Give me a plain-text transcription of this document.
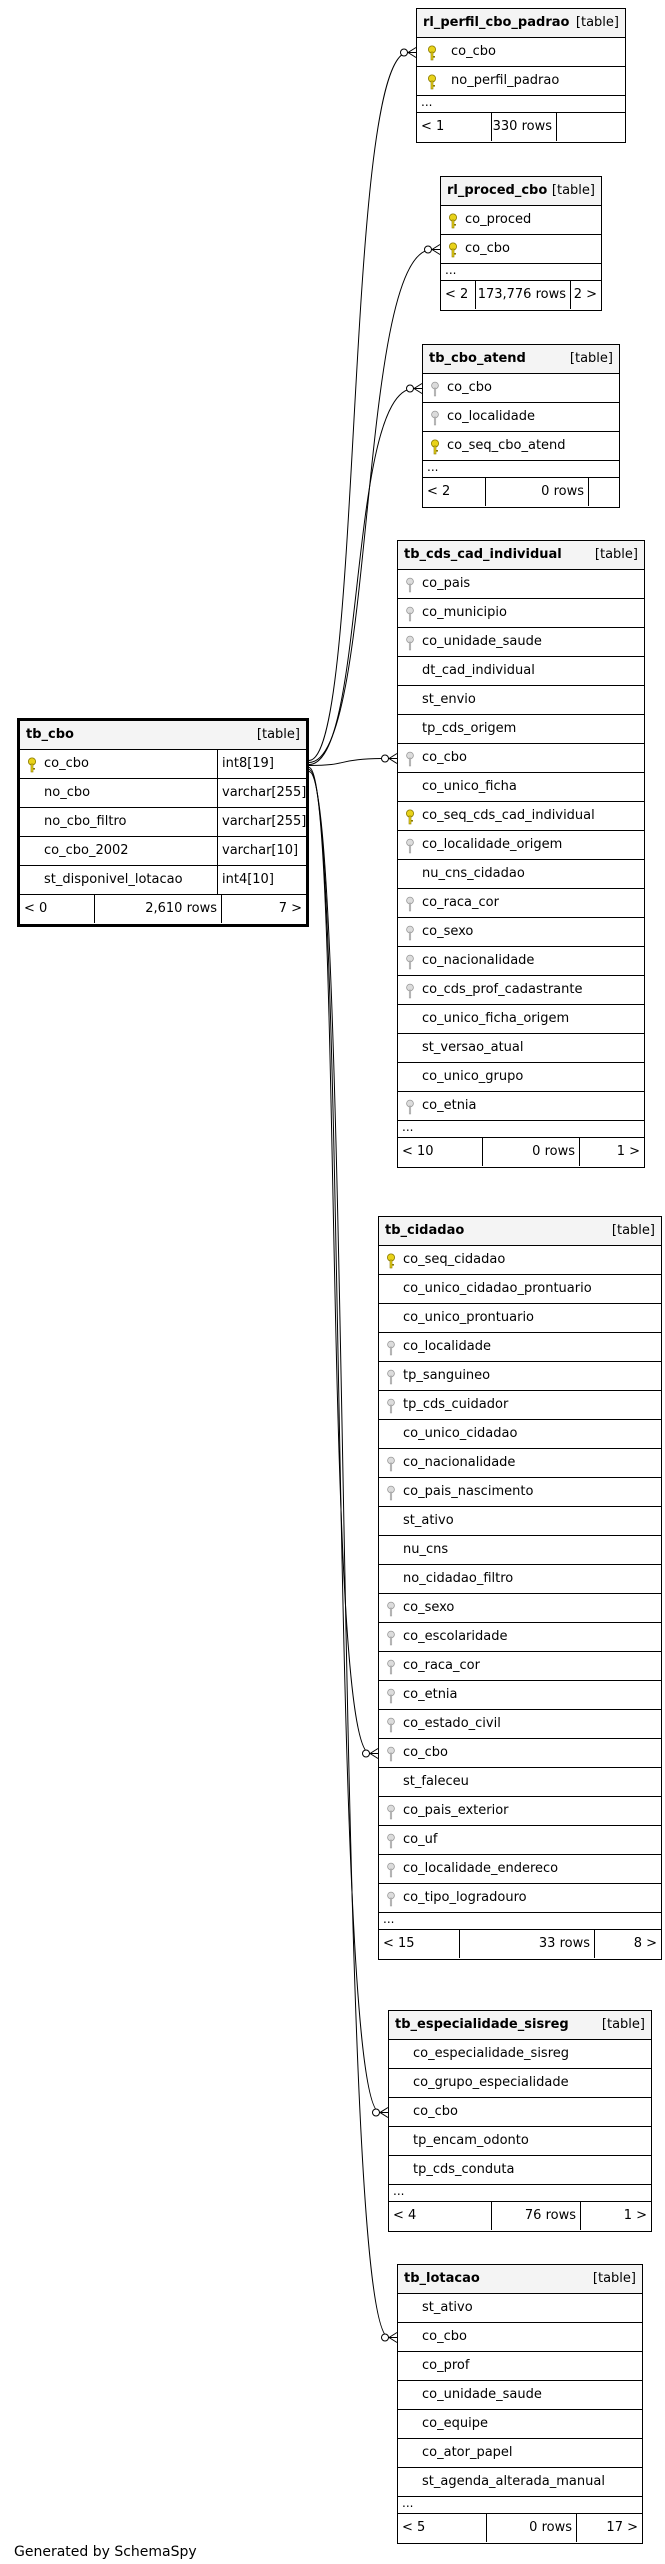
rl_perfil_cbo_padrao [table]
co_cbo
no_perfil_padrao
...
< 1	330 rows
rl_proced_cbo [table]
co_proced
co_cbo
...
< 2 173,776 rows 2 >
tb_cbo_atend	[table]
co_cbo
co_localidade
co_seq_cbo_atend
...
< 2	0 rows
tb_cds_cad_individual	[table]
co_pais
co_municipio
co_unidade_saude
dt_cad_individual
st_envio
tp_cds_origem
co_cbo
co_unico_ficha
co_seq_cds_cad_individual
co_localidade_origem
nu_cns_cidadao
co_raca_cor
co_sexo
co_nacionalidade
co_cds_prof_cadastrante
co_unico_ficha_origem
st_versao_atual
co_unico_grupo
co_etnia
...
< 10	0 rows	1 >
tb_cbo	[table]
co_cbo	int8[19]
no_cbo	varchar[255]
no_cbo_filtro	varchar[255]
co_cbo_2002	varchar[10]
st_disponivel_lotacao	int4[10]
< 0	2,610 rows	7 >
tb_cidadao	[table]
co_seq_cidadao
co_unico_cidadao_prontuario
co_unico_prontuario
co_localidade
tp_sanguineo
tp_cds_cuidador
co_unico_cidadao
co_nacionalidade
co_pais_nascimento
st_ativo
nu_cns
no_cidadao_filtro
co_sexo
co_escolaridade
co_raca_cor
co_etnia
co_estado_civil
co_cbo
st_faleceu
co_pais_exterior
co_uf
co_localidade_endereco
co_tipo_logradouro
...
< 15	33 rows	8 >
tb_especialidade_sisreg	[table]
co_especialidade_sisreg
co_grupo_especialidade
co_cbo
tp_encam_odonto
tp_cds_conduta
...
< 4	76 rows	1 >
tb_lotacao	[table]
st_ativo
co_cbo
co_prof
co_unidade_saude
co_equipe
co_ator_papel
st_agenda_alterada_manual
...
< 5	0 rows	17 >
Generated by SchemaSpy
